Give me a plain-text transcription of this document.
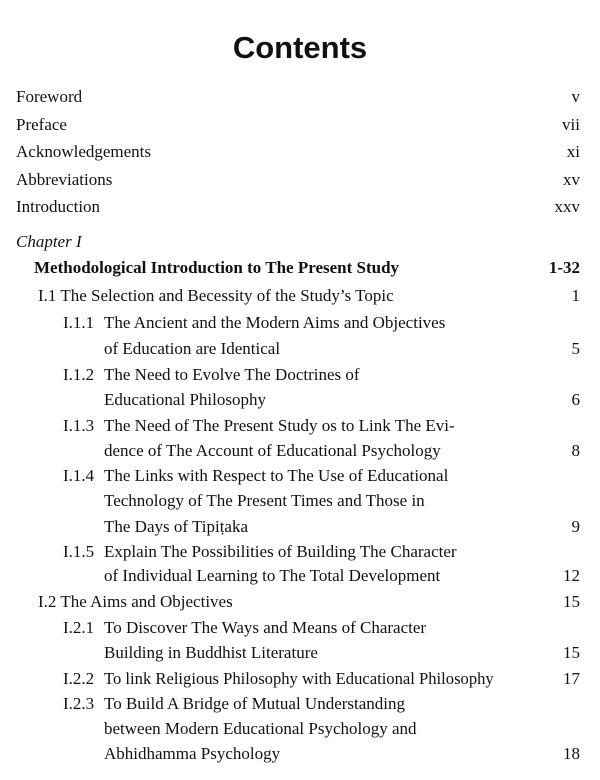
Contents
Foreword	v
Preface	vii
Acknowledgements	xi
Abbreviations	xv
Introduction	xxv
Chapter I
Methodological Introduction to The Present Study	1-32
I.1 The Selection and Becessity of the Study’s Topic	1
I.1.1 The Ancient and the Modern Aims and Objectives
of Education are Identical	5
I.1.2 The Need to Evolve The Doctrines of
Educational Philosophy	6
I.1.3 The Need of The Present Study os to Link The Evi-
dence of The Account of Educational Psychology	8
I.1.4 The Links with Respect to The Use of Educational
Technology of The Present Times and Those in
The Days of Tipiṭaka	9
I.1.5 Explain The Possibilities of Building The Character
of Individual Learning to The Total Development	12
I.2 The Aims and Objectives	15
I.2.1 To Discover The Ways and Means of Character
Building in Buddhist Literature	15
I.2.2 To link Religious Philosophy with Educational Philosophy	17
I.2.3 To Build A Bridge of Mutual Understanding
between Modern Educational Psychology and
Abhidhamma Psychology	18
